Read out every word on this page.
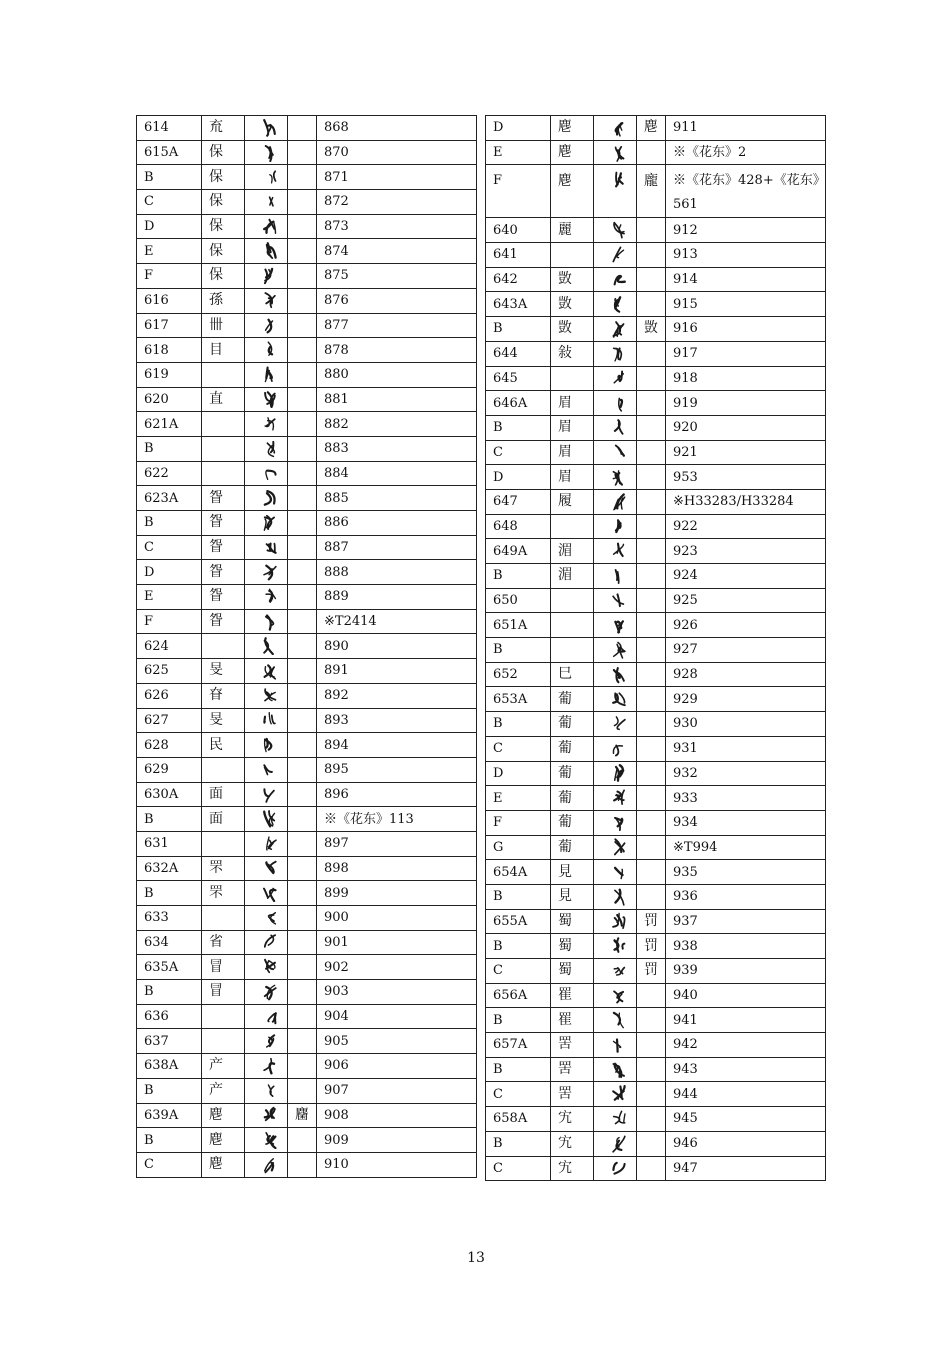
614	㐬			868
615A	保			870
B	保			871
C	保			872
D	保			873
E	保			874
F	保			875
616	孫			876
617	卌			877
618	目			878
619				880
620	直			881
621A				882
B				883
622				884
623A	眢			885
B	眢			886
C	眢			887
D	眢			888
E	眢			889
F	眢			※T2414
624				890
625	旻			891
626	眘			892
627	旻			893
628	民			894
629				895
630A	面			896
B	面			※《花东》113
631				897
632A	罘			898
B	罘			899
633				900
634	省			901
635A	冒			902
B	冒			903
636				904
637				905
638A	产			906
B	产			907
639A	麀		麕	908
B	麀			909
C	麀			910
D	麀		麀	911
E	麀			※《花东》2
F	麀		龐	※《花东》428+《花东》561
640	麗			912
641				913
642	敳			914
643A	敳			915
B	敳		敳	916
644	敍			917
645				918
646A	眉			919
B	眉			920
C	眉			921
D	眉			953
647	履			※H33283/H33284
648				922
649A	湄			923
B	湄			924
650				925
651A				926
B				927
652	巳			928
653A	葡			929
B	葡			930
C	葡			931
D	葡			932
E	葡			933
F	葡			934
G	葡			※T994
654A	見			935
B	見			936
655A	蜀		罚	937
B	蜀		罚	938
C	蜀		罚	939
656A	䍜			940
B	䍜			941
657A	罟			942
B	罟			943
C	罟			944
658A	宄			945
B	宄			946
C	宄			947
13
